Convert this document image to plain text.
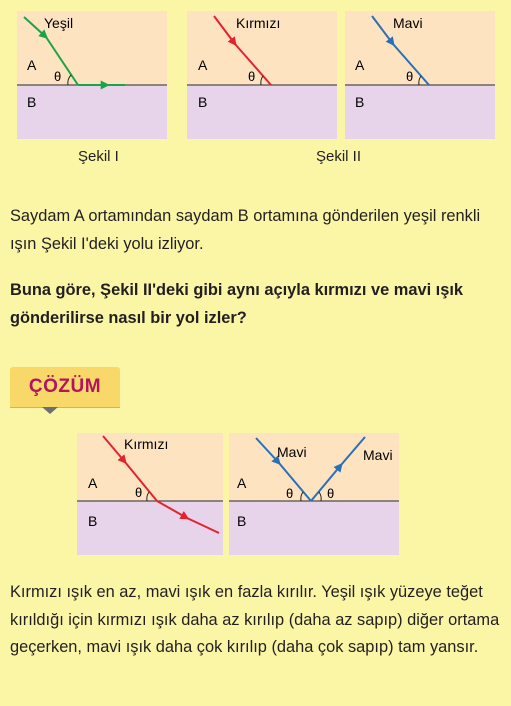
Yeşil
A
B
θ
Şekil I
Kırmızı
A
B
θ
Mavi
A
B
θ
Şekil II
Saydam A ortamından saydam B ortamına gönderilen yeşil renkli ışın Şekil I'deki yolu izliyor.
Buna göre, Şekil II'deki gibi aynı açıyla kırmızı ve mavi ışık gönderilirse nasıl bir yol izler?
ÇÖZÜM
Kırmızı
A
B
θ
Mavi	Mavi
A
B
θ	θ
Kırmızı ışık en az, mavi ışık en fazla kırılır. Yeşil ışık yüzeye teğet kırıldığı için kırmızı ışık daha az kırılıp (daha az sapıp) diğer ortama geçerken, mavi ışık daha çok kırılıp (daha çok sapıp) tam yansır.
